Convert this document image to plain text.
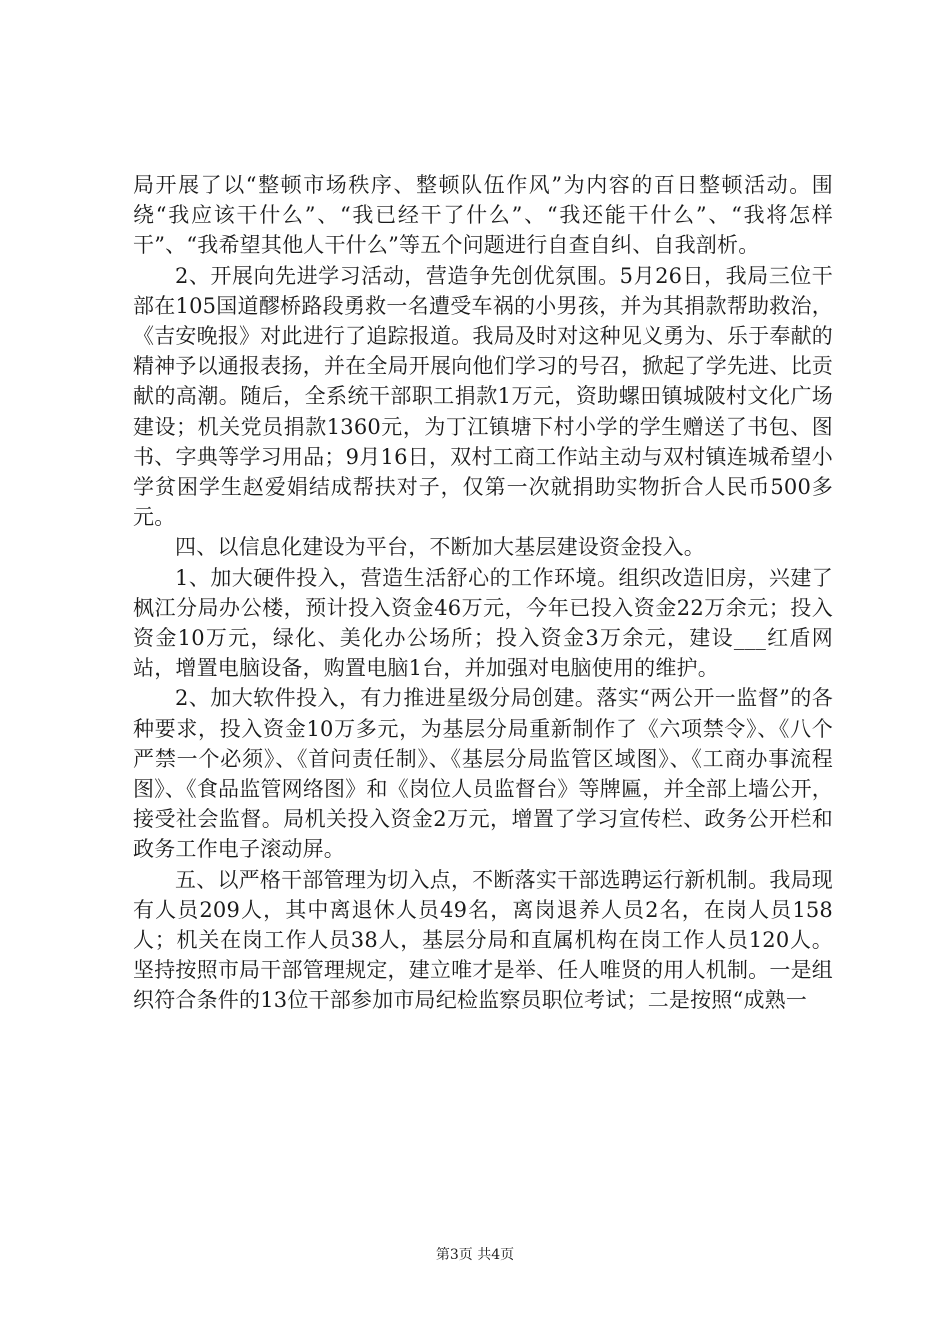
局开展了以“整顿市场秩序、整顿队伍作风”为内容的百日整顿活动。围绕“我应该干什么”、“我已经干了什么”、“我还能干什么”、“我将怎样干”、“我希望其他人干什么”等五个问题进行自查自纠、自我剖析。

2、开展向先进学习活动，营造争先创优氛围。5月26日，我局三位干部在105国道醪桥路段勇救一名遭受车祸的小男孩，并为其捐款帮助救治，《吉安晚报》对此进行了追踪报道。我局及时对这种见义勇为、乐于奉献的精神予以通报表扬，并在全局开展向他们学习的号召，掀起了学先进、比贡献的高潮。随后，全系统干部职工捐款1万元，资助螺田镇城陂村文化广场建设；机关党员捐款1360元，为丁江镇塘下村小学的学生赠送了书包、图书、字典等学习用品；9月16日，双村工商工作站主动与双村镇连城希望小学贫困学生赵爱娟结成帮扶对子，仅第一次就捐助实物折合人民币500多元。

四、以信息化建设为平台，不断加大基层建设资金投入。

1、加大硬件投入，营造生活舒心的工作环境。组织改造旧房，兴建了枫江分局办公楼，预计投入资金46万元，今年已投入资金22万余元；投入资金10万元，绿化、美化办公场所；投入资金3万余元，建设___红盾网站，增置电脑设备，购置电脑1台，并加强对电脑使用的维护。

2、加大软件投入，有力推进星级分局创建。落实“两公开一监督”的各种要求，投入资金10万多元，为基层分局重新制作了《六项禁令》、《八个严禁一个必须》、《首问责任制》、《基层分局监管区域图》、《工商办事流程图》、《食品监管网络图》和《岗位人员监督台》等牌匾，并全部上墙公开，接受社会监督。局机关投入资金2万元，增置了学习宣传栏、政务公开栏和政务工作电子滚动屏。

五、以严格干部管理为切入点，不断落实干部选聘运行新机制。我局现有人员209人，其中离退休人员49名，离岗退养人员2名，在岗人员158人；机关在岗工作人员38人，基层分局和直属机构在岗工作人员120人。坚持按照市局干部管理规定，建立唯才是举、任人唯贤的用人机制。一是组织符合条件的13位干部参加市局纪检监察员职位考试；二是按照“成熟一

第3页 共4页
